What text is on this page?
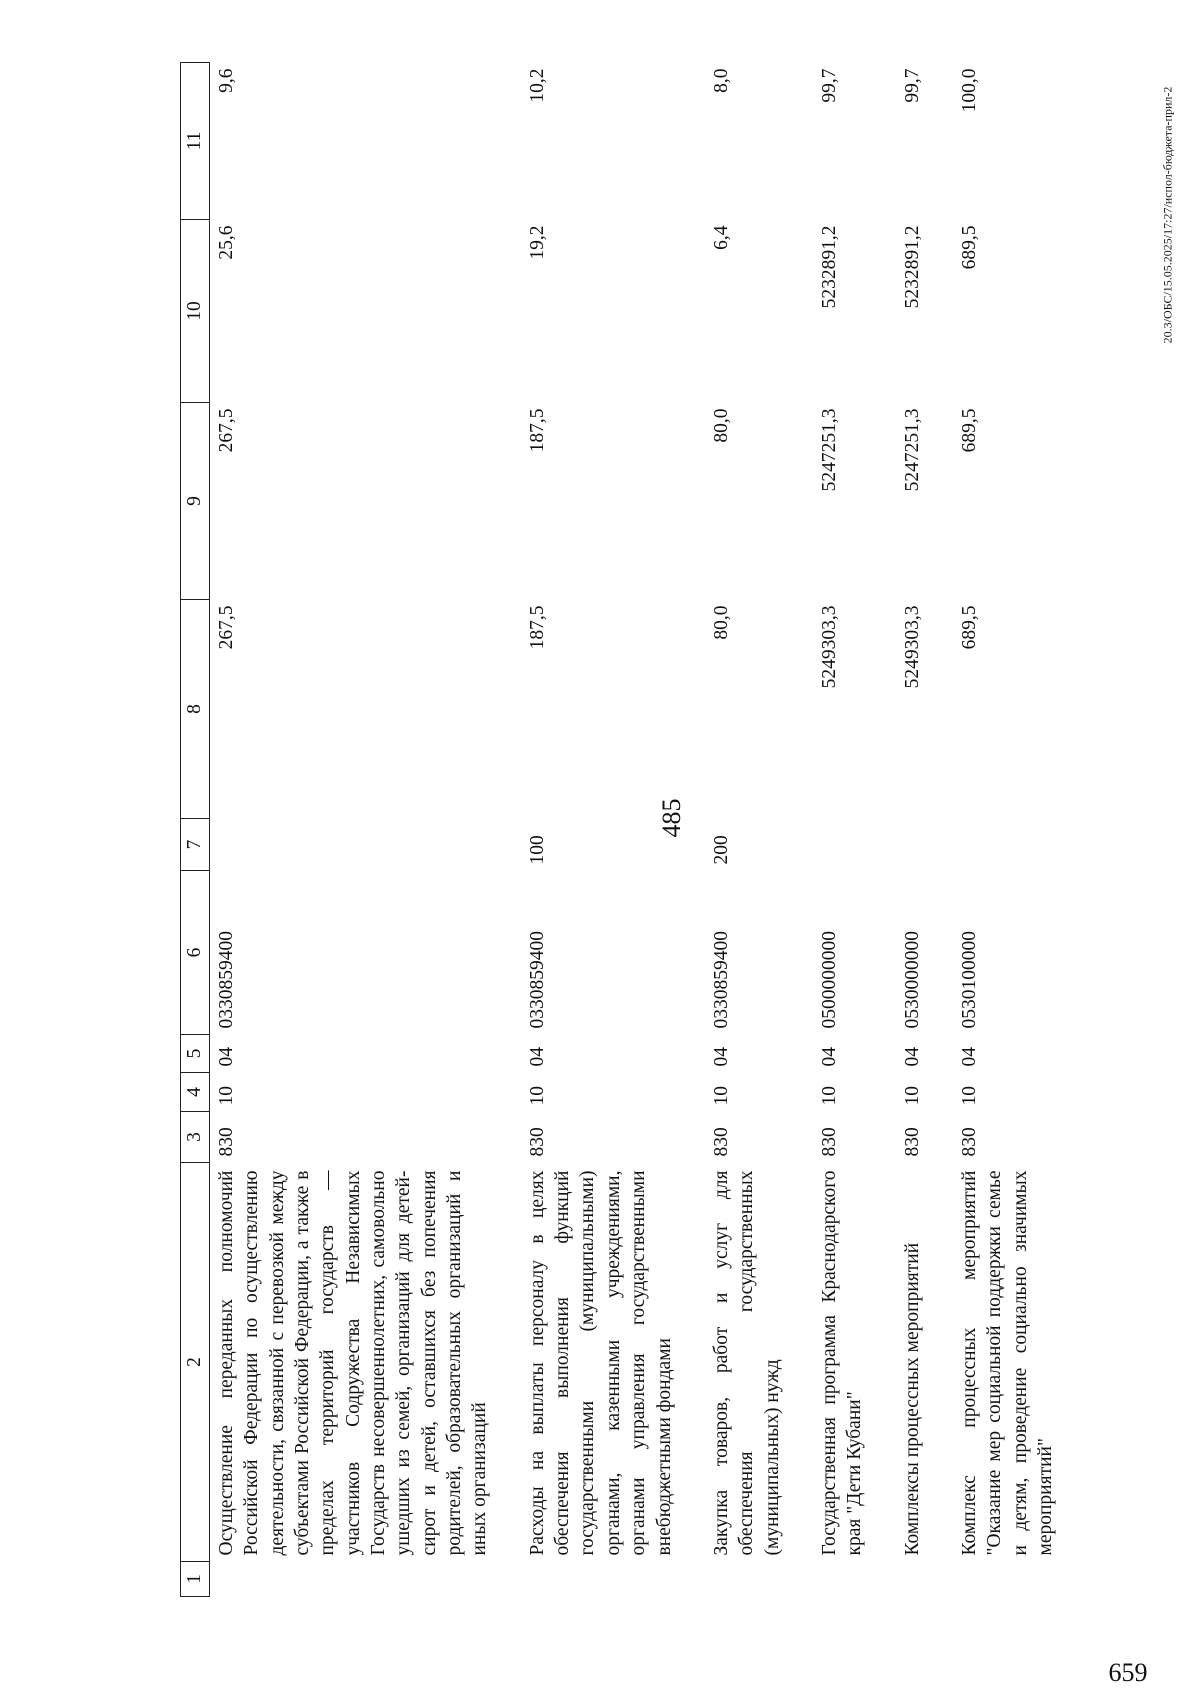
485
20.3/ОБС/15.05.2025/17:27/испол-бюджета-прил-2
1	2	3	4	5	6	7	8	9	10	11
	Осуществление переданных полномочий Российской Федерации по осуществлению деятельности, связанной с перевозкой между субъектами Российской Федерации, а также в пределах территорий государств — участников Содружества Независимых Государств несовершеннолетних, самовольно ушедших из семей, организаций для детей-сирот и детей, оставшихся без попечения родителей, образовательных организаций и иных организаций	830	10	04	0330859400		267,5	267,5	25,6	9,6
	Расходы на выплаты персоналу в целях обеспечения выполнения функций государственными (муниципальными) органами, казенными учреждениями, органами управления государственными внебюджетными фондами	830	10	04	0330859400	100	187,5	187,5	19,2	10,2
	Закупка товаров, работ и услуг для обеспечения государственных (муниципальных) нужд	830	10	04	0330859400	200	80,0	80,0	6,4	8,0
	Государственная программа Краснодарского края "Дети Кубани"	830	10	04	0500000000		5249303,3	5247251,3	5232891,2	99,7
	Комплексы процессных мероприятий	830	10	04	0530000000		5249303,3	5247251,3	5232891,2	99,7
	Комплекс процессных мероприятий "Оказание мер социальной поддержки семье и детям, проведение социально значимых мероприятий"	830	10	04	0530100000		689,5	689,5	689,5	100,0
659
